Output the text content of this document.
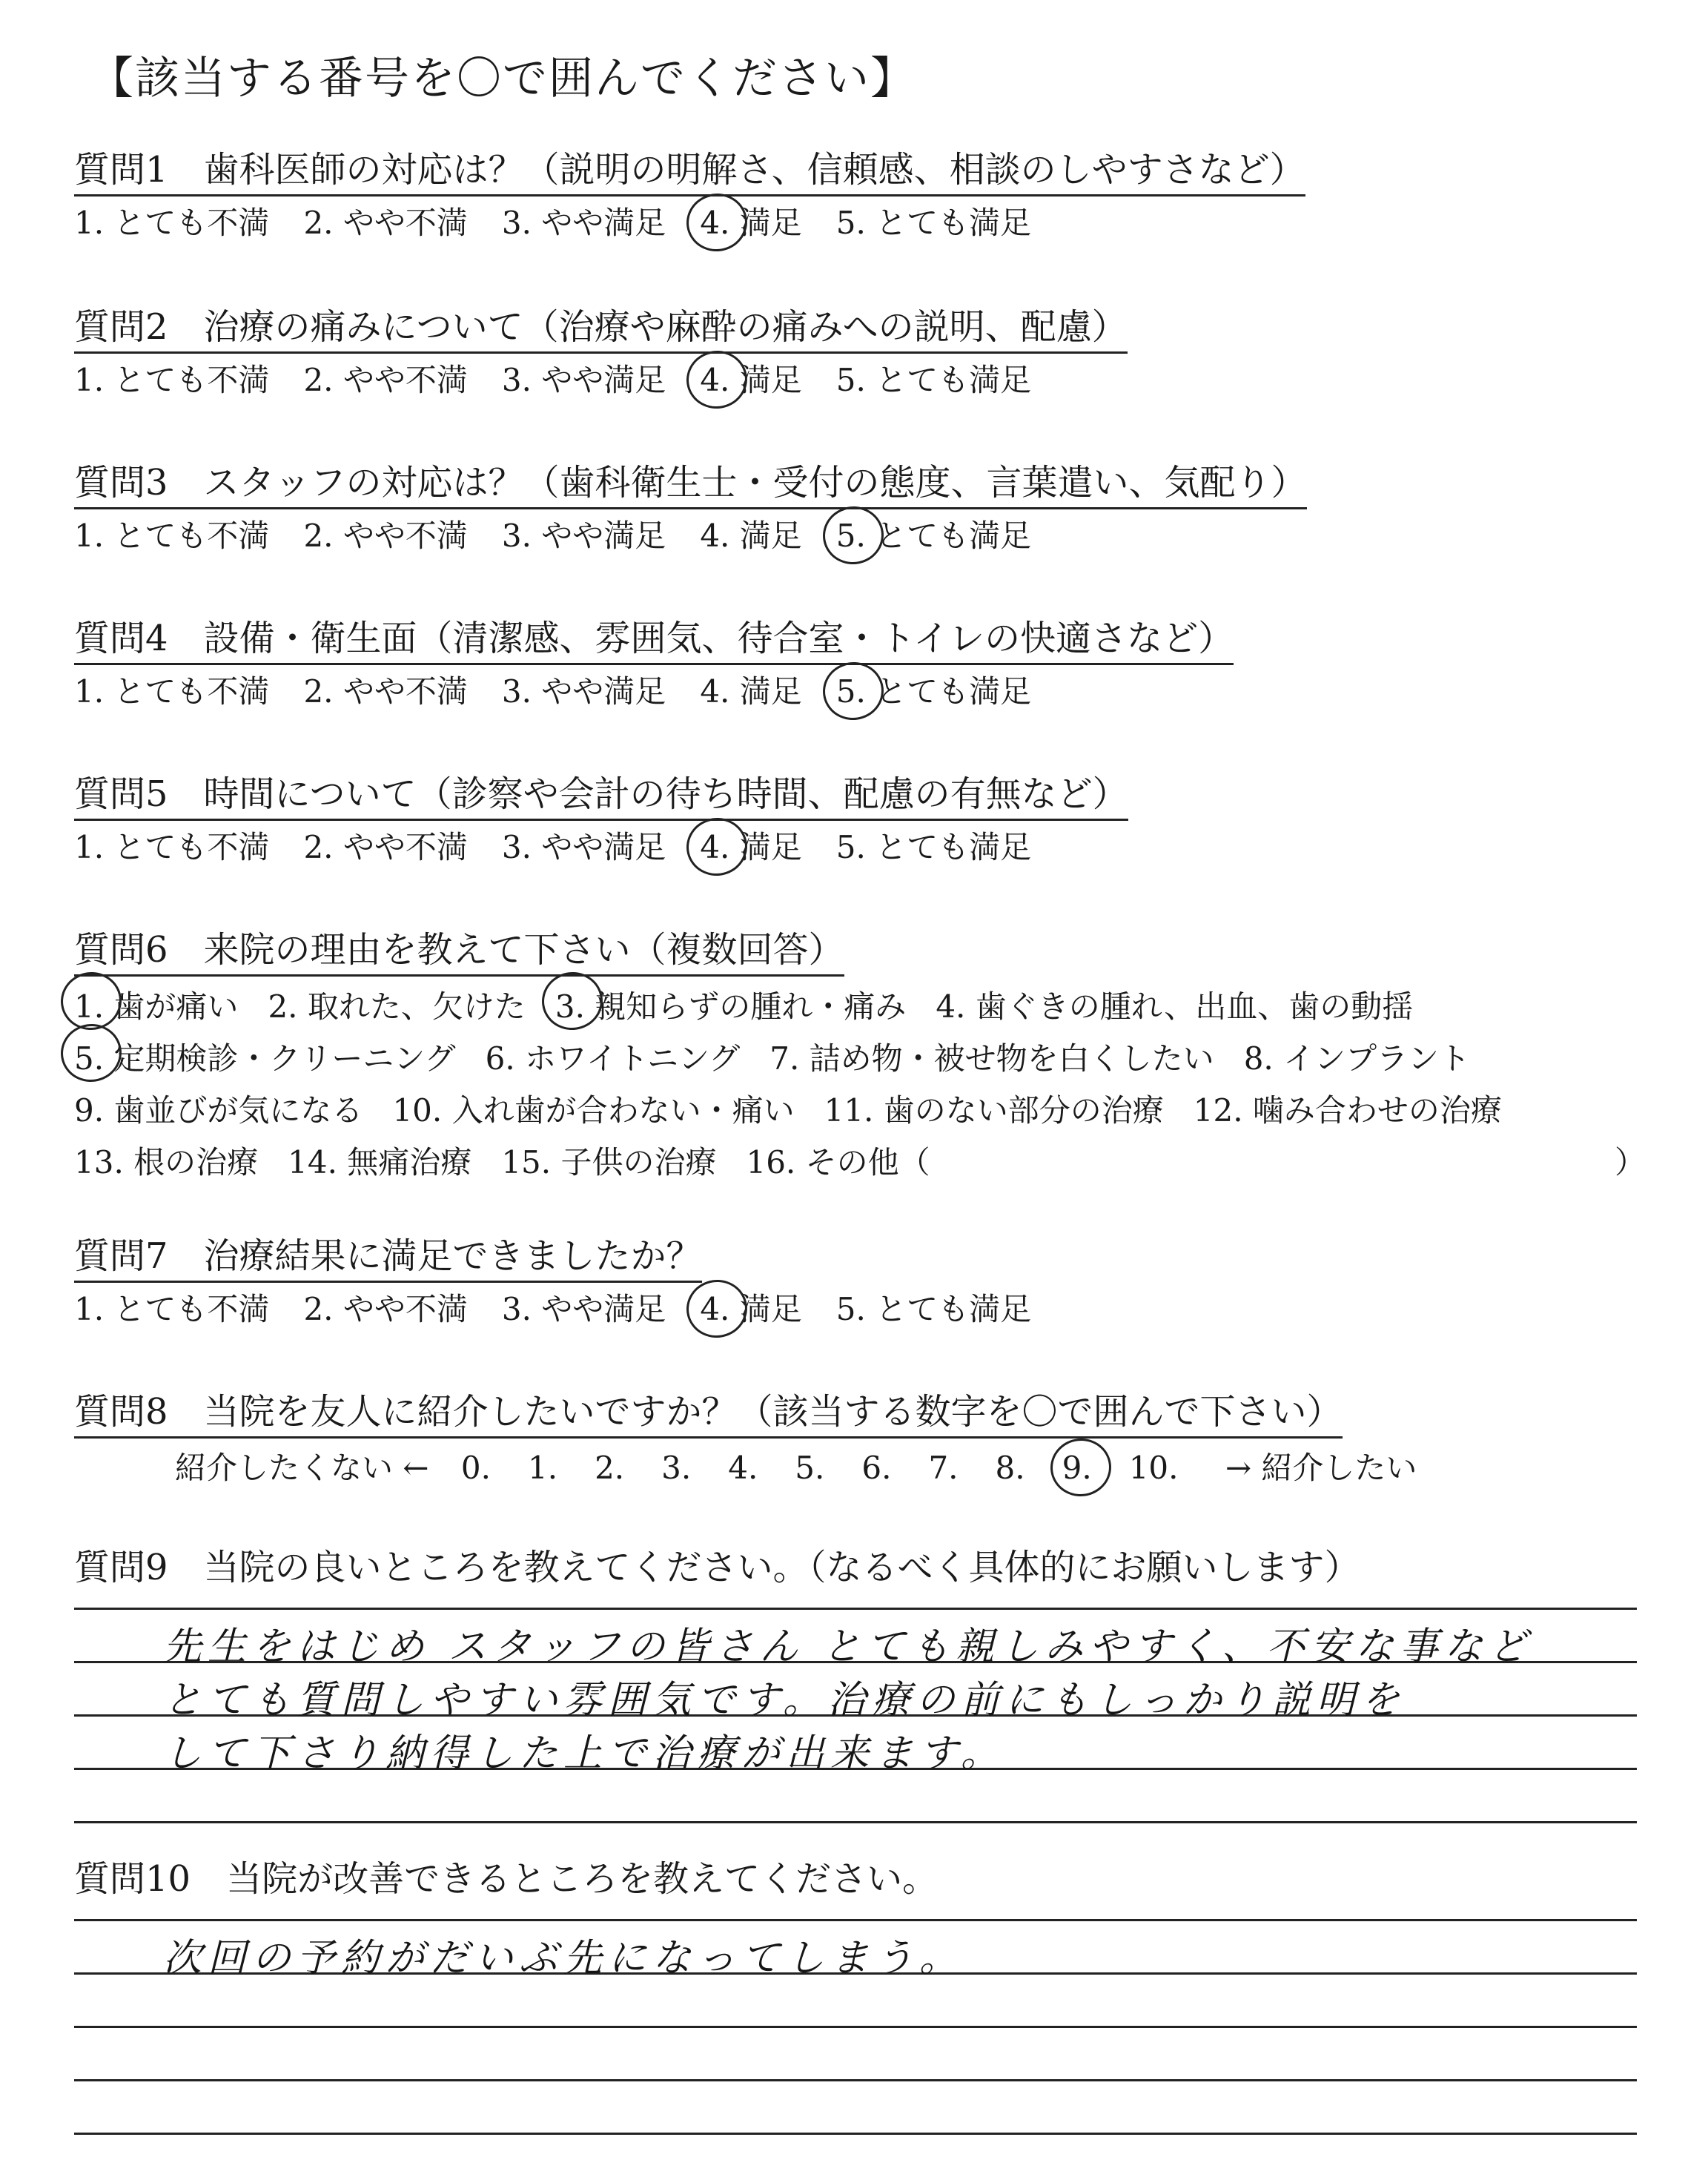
【該当する番号を〇で囲んでください】
質問1　歯科医師の対応は？（説明の明解さ、信頼感、相談のしやすさなど）
1. とても不満 2. やや不満 3. やや満足 4. 満足 5. とても満足
質問2　治療の痛みについて（治療や麻酔の痛みへの説明、配慮）
1. とても不満 2. やや不満 3. やや満足 4. 満足 5. とても満足
質問3　スタッフの対応は？（歯科衛生士・受付の態度、言葉遣い、気配り）
1. とても不満 2. やや不満 3. やや満足 4. 満足 5. とても満足
質問4　設備・衛生面（清潔感、雰囲気、待合室・トイレの快適さなど）
1. とても不満 2. やや不満 3. やや満足 4. 満足 5. とても満足
質問5　時間について（診察や会計の待ち時間、配慮の有無など）
1. とても不満 2. やや不満 3. やや満足 4. 満足 5. とても満足
質問6　来院の理由を教えて下さい（複数回答）
1. 歯が痛い 2. 取れた、欠けた 3. 親知らずの腫れ・痛み 4. 歯ぐきの腫れ、出血、歯の動揺
5. 定期検診・クリーニング 6. ホワイトニング 7. 詰め物・被せ物を白くしたい 8. インプラント
9. 歯並びが気になる 10. 入れ歯が合わない・痛い 11. 歯のない部分の治療 12. 噛み合わせの治療
13. 根の治療 14. 無痛治療 15. 子供の治療 16. その他（	）
質問7　治療結果に満足できましたか？
1. とても不満 2. やや不満 3. やや満足 4. 満足 5. とても満足
質問8　当院を友人に紹介したいですか？（該当する数字を〇で囲んで下さい）
紹介したくない ← 0. 1. 2. 3. 4. 5. 6. 7. 8. 9. 10. → 紹介したい
質問9　当院の良いところを教えてください。（なるべく具体的にお願いします）
先生をはじめ スタッフの皆さん とても親しみやすく、不安な事など
とても質問しやすい雰囲気です。治療の前にもしっかり説明を
して下さり納得した上で治療が出来ます。
質問10　当院が改善できるところを教えてください。
次回の予約がだいぶ先になってしまう。
